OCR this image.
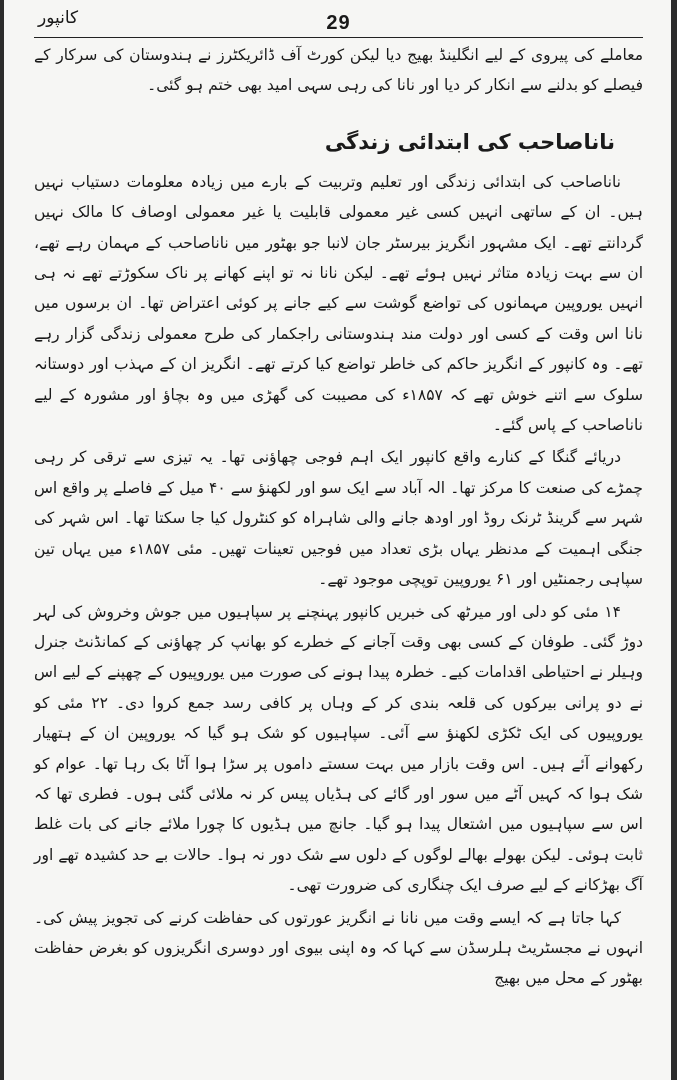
29
کانپور

معاملے کی پیروی کے لیے انگلینڈ بھیج دیا لیکن کورٹ آف ڈائریکٹرز نے ہندوستان کی سرکار کے فیصلے کو بدلنے سے انکار کر دیا اور نانا کی رہی سہی امید بھی ختم ہو گئی۔

ناناصاحب کی ابتدائی زندگی

ناناصاحب کی ابتدائی زندگی اور تعلیم وتربیت کے بارے میں زیادہ معلومات دستیاب نہیں ہیں۔ ان کے ساتھی انہیں کسی غیر معمولی قابلیت یا غیر معمولی اوصاف کا مالک نہیں گردانتے تھے۔ ایک مشہور انگریز بیرسٹر جان لانبا جو بھٹور میں ناناصاحب کے مہمان رہے تھے، ان سے بہت زیادہ متاثر نہیں ہوئے تھے۔ لیکن نانا نہ تو اپنے کھانے پر ناک سکوڑتے تھے نہ ہی انہیں یوروپین مہمانوں کی تواضع گوشت سے کیے جانے پر کوئی اعتراض تھا۔ ان برسوں میں نانا اس وقت کے کسی اور دولت مند ہندوستانی راجکمار کی طرح معمولی زندگی گزار رہے تھے۔ وہ کانپور کے انگریز حاکم کی خاطر تواضع کیا کرتے تھے۔ انگریز ان کے مہذب اور دوستانہ سلوک سے اتنے خوش تھے کہ ۱۸۵۷ء کی مصیبت کی گھڑی میں وہ بچاؤ اور مشورہ کے لیے ناناصاحب کے پاس گئے۔

دریائے گنگا کے کنارے واقع کانپور ایک اہم فوجی چھاؤنی تھا۔ یہ تیزی سے ترقی کر رہی چمڑے کی صنعت کا مرکز تھا۔ الہ آباد سے ایک سو اور لکھنؤ سے ۴۰ میل کے فاصلے پر واقع اس شہر سے گرینڈ ٹرنک روڈ اور اودھ جانے والی شاہراہ کو کنٹرول کیا جا سکتا تھا۔ اس شہر کی جنگی اہمیت کے مدنظر یہاں بڑی تعداد میں فوجیں تعینات تھیں۔ مئی ۱۸۵۷ء میں یہاں تین سپاہی رجمنٹیں اور ۶۱ یوروپین توپچی موجود تھے۔

۱۴ مئی کو دلی اور میرٹھ کی خبریں کانپور پہنچنے پر سپاہیوں میں جوش وخروش کی لہر دوڑ گئی۔ طوفان کے کسی بھی وقت آجانے کے خطرے کو بھانپ کر چھاؤنی کے کمانڈنٹ جنرل وہیلر نے احتیاطی اقدامات کیے۔ خطرہ پیدا ہونے کی صورت میں یوروپیوں کے چھپنے کے لیے اس نے دو پرانی بیرکوں کی قلعہ بندی کر کے وہاں پر کافی رسد جمع کروا دی۔ ۲۲ مئی کو یوروپیوں کی ایک ٹکڑی لکھنؤ سے آئی۔ سپاہیوں کو شک ہو گیا کہ یوروپین ان کے ہتھیار رکھوانے آئے ہیں۔ اس وقت بازار میں بہت سستے داموں پر سڑا ہوا آٹا بک رہا تھا۔ عوام کو شک ہوا کہ کہیں آٹے میں سور اور گائے کی ہڈیاں پیس کر نہ ملائی گئی ہوں۔ فطری تھا کہ اس سے سپاہیوں میں اشتعال پیدا ہو گیا۔ جانچ میں ہڈیوں کا چورا ملائے جانے کی بات غلط ثابت ہوئی۔ لیکن بھولے بھالے لوگوں کے دلوں سے شک دور نہ ہوا۔ حالات بے حد کشیدہ تھے اور آگ بھڑکانے کے لیے صرف ایک چنگاری کی ضرورت تھی۔

کہا جاتا ہے کہ ایسے وقت میں نانا نے انگریز عورتوں کی حفاظت کرنے کی تجویز پیش کی۔ انہوں نے مجسٹریٹ ہلرسڈن سے کہا کہ وہ اپنی بیوی اور دوسری انگریزوں کو بغرض حفاظت بھٹور کے محل میں بھیج
